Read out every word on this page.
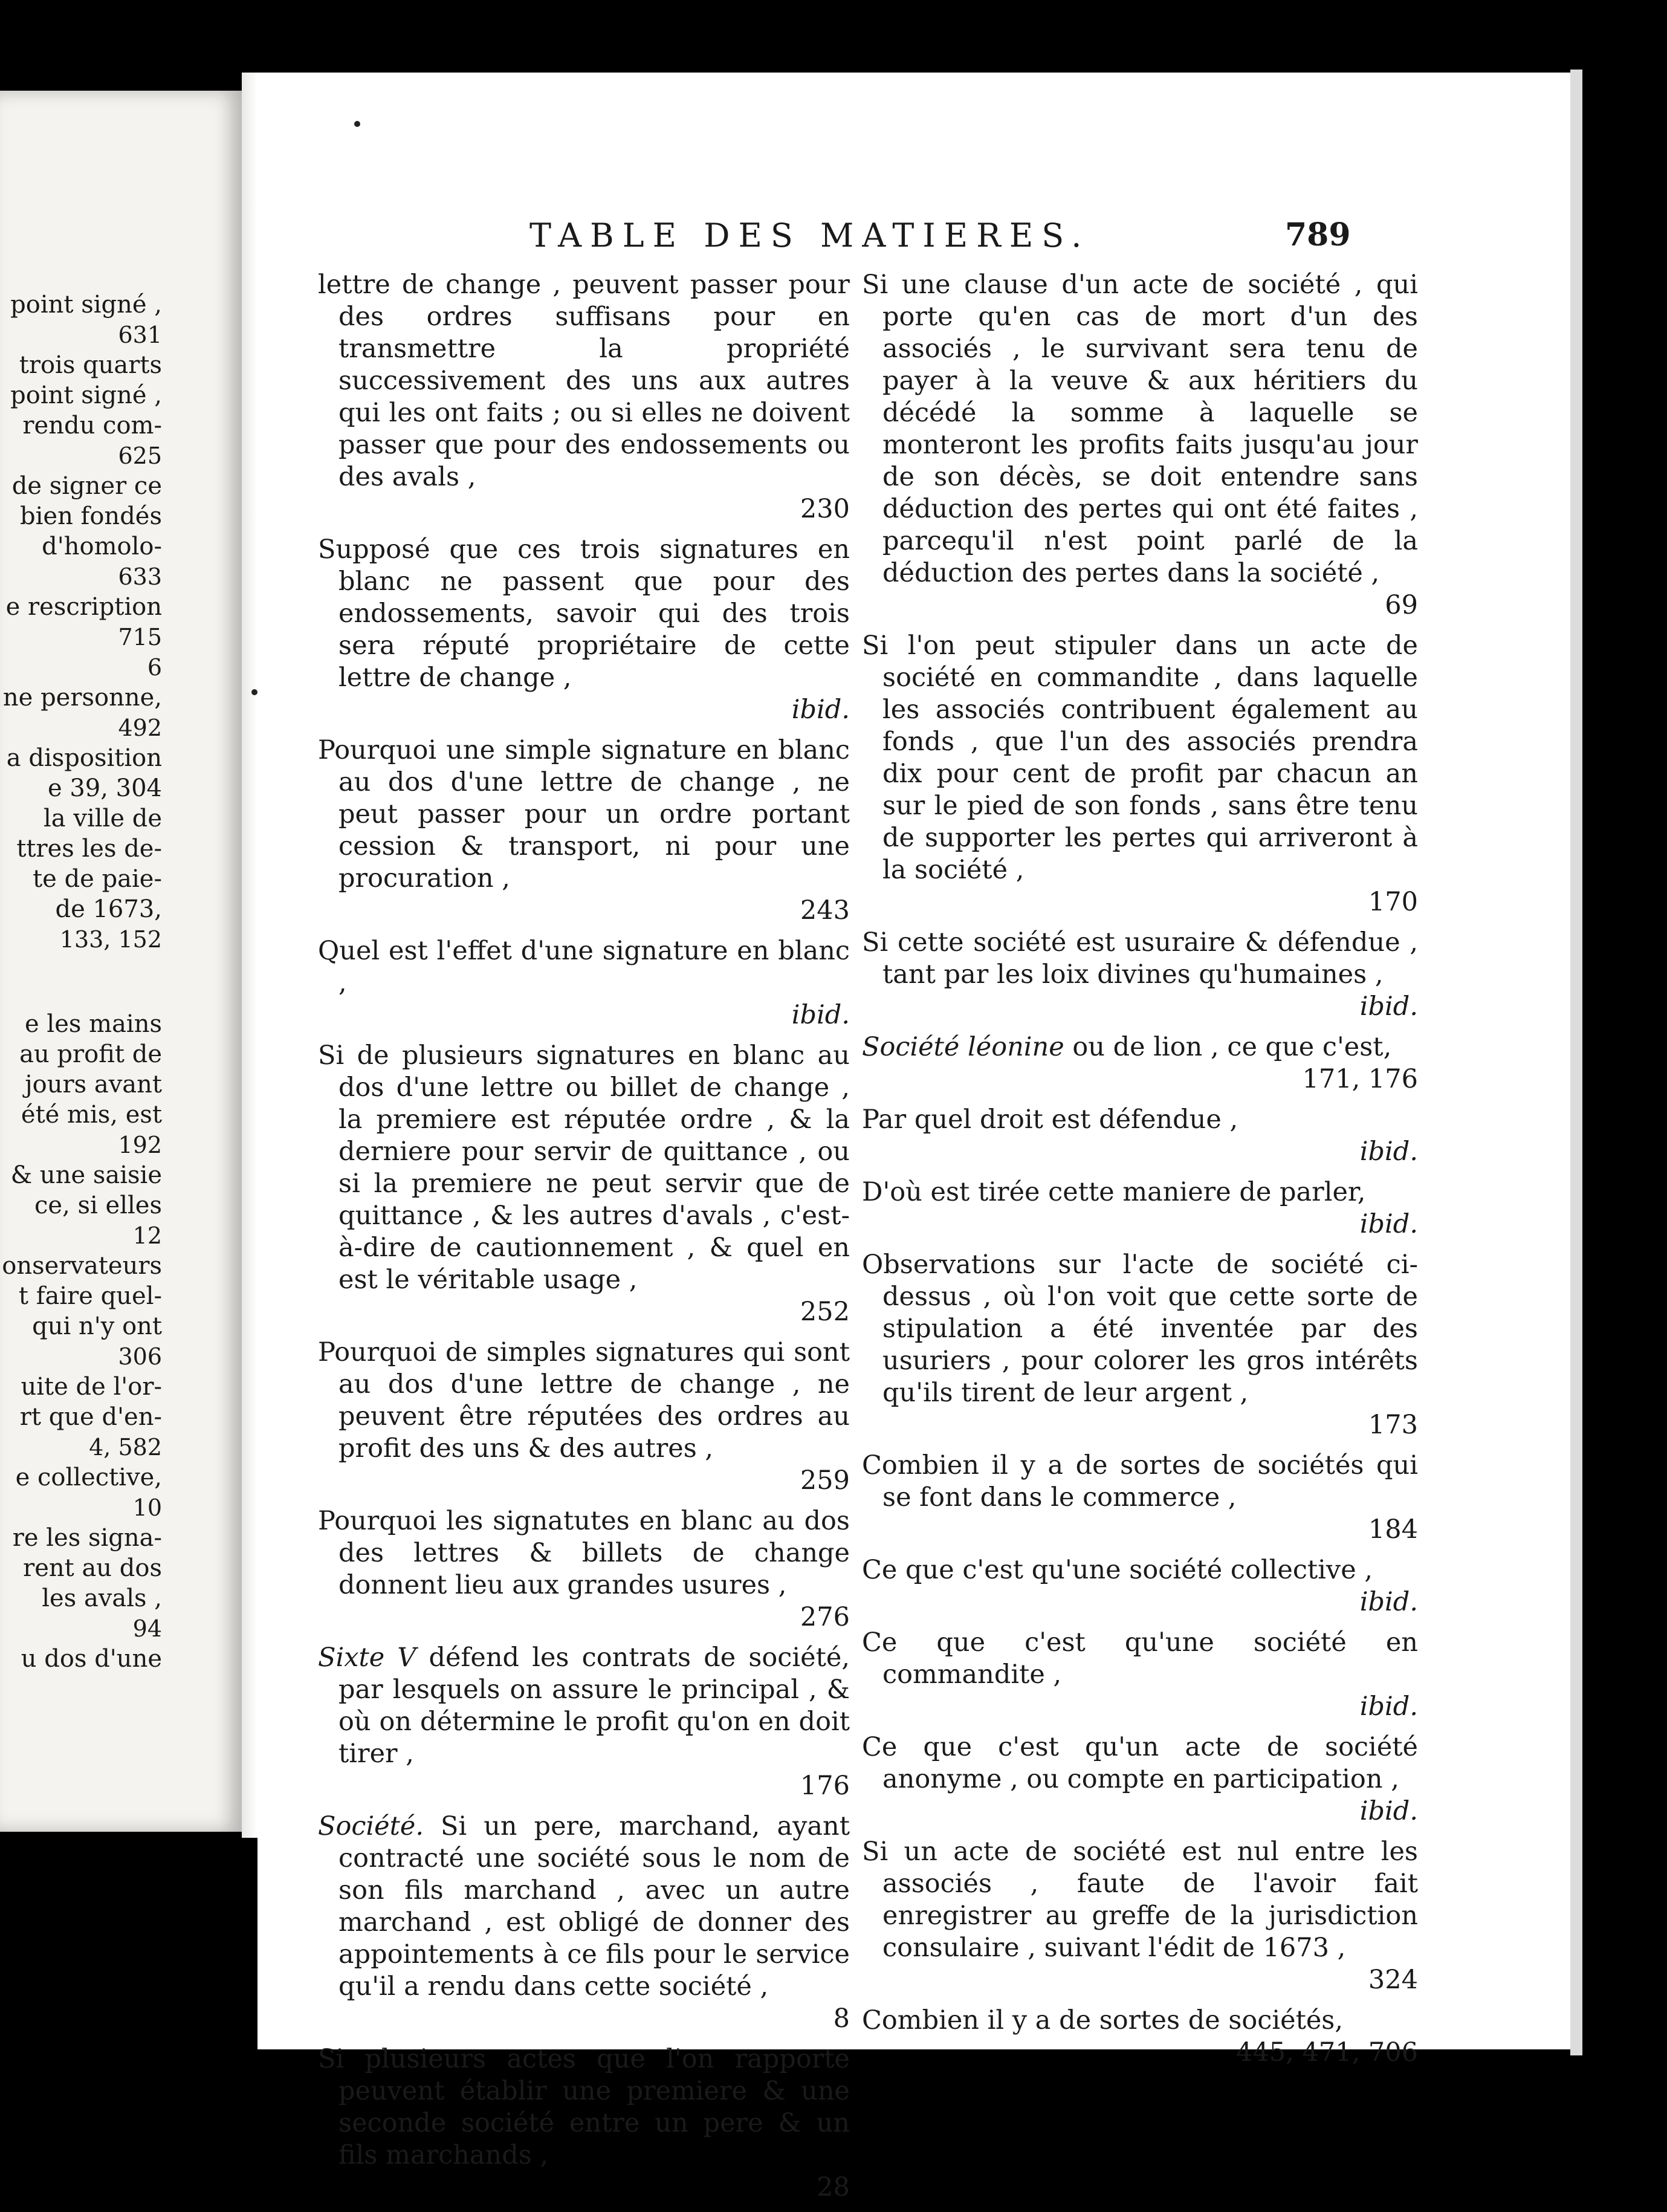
point signé ,
631
trois quarts
point signé ,
rendu com-
625
de signer ce
bien fondés
d'homolo-
633
e rescription
715
6
ne personne,
492
a disposition
e 39, 304
la ville de
ttres les de-
te de paie-
de 1673,
133, 152
e les mains
au profit de
jours avant
été mis, est
192
& une saisie
ce, si elles
12
onservateurs
t faire quel-
qui n'y ont
306
uite de l'or-
rt que d'en-
4, 582
e collective,
10
re les signa-
rent au dos
les avals ,
94
u dos d'une
TABLE DES MATIERES.	789
lettre de change , peuvent passer pour des ordres suffisans pour en transmettre la propriété successivement des uns aux autres qui les ont faits ; ou si elles ne doivent passer que pour des endossements ou des avals ,
230
Supposé que ces trois signatures en blanc ne passent que pour des endossements, savoir qui des trois sera réputé propriétaire de cette lettre de change ,
ibid.
Pourquoi une simple signature en blanc au dos d'une lettre de change , ne peut passer pour un ordre portant cession & transport, ni pour une procuration ,
243
Quel est l'effet d'une signature en blanc ,
ibid.
Si de plusieurs signatures en blanc au dos d'une lettre ou billet de change , la premiere est réputée ordre , & la derniere pour servir de quittance , ou si la premiere ne peut servir que de quittance , & les autres d'avals , c'est-à-dire de cautionnement , & quel en est le véritable usage ,
252
Pourquoi de simples signatures qui sont au dos d'une lettre de change , ne peuvent être réputées des ordres au profit des uns & des autres ,
259
Pourquoi les signatutes en blanc au dos des lettres & billets de change donnent lieu aux grandes usures ,
276
Sixte V défend les contrats de société, par lesquels on assure le principal , & où on détermine le profit qu'on en doit tirer ,
176
Société. Si un pere, marchand, ayant contracté une société sous le nom de son fils marchand , avec un autre marchand , est obligé de donner des appointements à ce fils pour le service qu'il a rendu dans cette société ,
8
Si plusieurs actes que l'on rapporte peuvent établir une premiere & une seconde société entre un pere & un fils marchands ,
28
Si une clause d'un acte de société , qui porte qu'en cas de mort d'un des associés , le survivant sera tenu de payer à la veuve & aux héritiers du décédé la somme à laquelle se monteront les profits faits jusqu'au jour de son décès, se doit entendre sans déduction des pertes qui ont été faites , parcequ'il n'est point parlé de la déduction des pertes dans la société ,
69
Si l'on peut stipuler dans un acte de société en commandite , dans laquelle les associés contribuent également au fonds , que l'un des associés prendra dix pour cent de profit par chacun an sur le pied de son fonds , sans être tenu de supporter les pertes qui arriveront à la société ,
170
Si cette société est usuraire & défendue , tant par les loix divines qu'humaines ,
ibid.
Société léonine ou de lion , ce que c'est,
171, 176
Par quel droit est défendue ,
ibid.
D'où est tirée cette maniere de parler,
ibid.
Observations sur l'acte de société ci-dessus , où l'on voit que cette sorte de stipulation a été inventée par des usuriers , pour colorer les gros intérêts qu'ils tirent de leur argent ,
173
Combien il y a de sortes de sociétés qui se font dans le commerce ,
184
Ce que c'est qu'une société collective ,
ibid.
Ce que c'est qu'une société en commandite ,
ibid.
Ce que c'est qu'un acte de société anonyme , ou compte en participation ,
ibid.
Si un acte de société est nul entre les associés , faute de l'avoir fait enregistrer au greffe de la jurisdiction consulaire , suivant l'édit de 1673 ,
324
Combien il y a de sortes de sociétés,
445, 471, 706
